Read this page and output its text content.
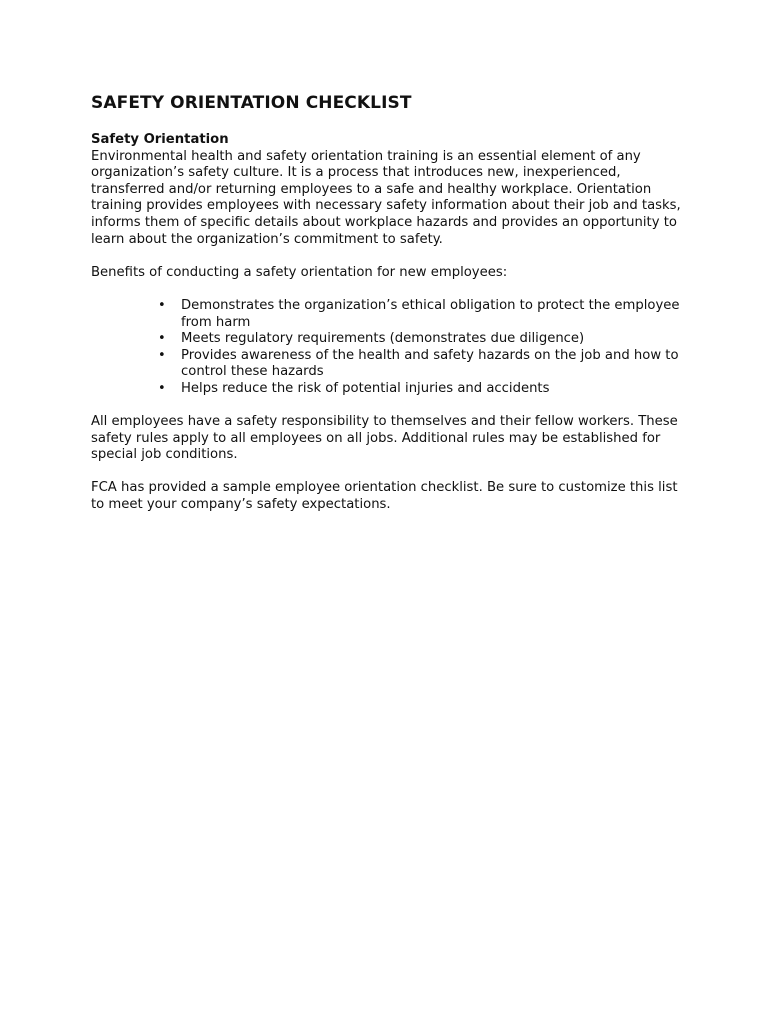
SAFETY ORIENTATION CHECKLIST
Safety Orientation

Environmental health and safety orientation training is an essential element of any organization’s safety culture. It is a process that introduces new, inexperienced, transferred and/or returning employees to a safe and healthy workplace. Orientation training provides employees with necessary safety information about their job and tasks, informs them of specific details about workplace hazards and provides an opportunity to learn about the organization’s commitment to safety.

Benefits of conducting a safety orientation for new employees:

• Demonstrates the organization’s ethical obligation to protect the employee from harm
• Meets regulatory requirements (demonstrates due diligence)
• Provides awareness of the health and safety hazards on the job and how to control these hazards
• Helps reduce the risk of potential injuries and accidents

All employees have a safety responsibility to themselves and their fellow workers. These safety rules apply to all employees on all jobs. Additional rules may be established for special job conditions.

FCA has provided a sample employee orientation checklist. Be sure to customize this list to meet your company’s safety expectations.
